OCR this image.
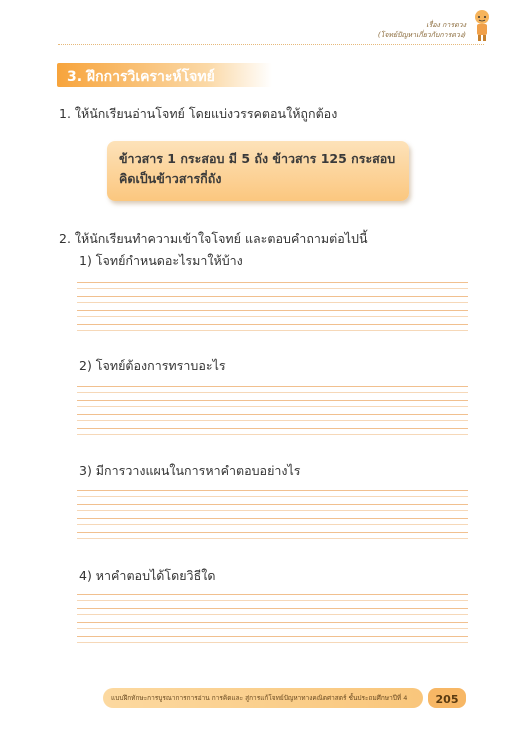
เรื่อง การตวง
(โจทย์ปัญหาเกี่ยวกับการตวง)
3. ฝึกการวิเคราะห์โจทย์
1. ให้นักเรียนอ่านโจทย์ โดยแบ่งวรรคตอนให้ถูกต้อง
ข้าวสาร 1 กระสอบ มี 5 ถัง ข้าวสาร 125 กระสอบ
คิดเป็นข้าวสารกี่ถัง
2. ให้นักเรียนทำความเข้าใจโจทย์ และตอบคำถามต่อไปนี้
1) โจทย์กำหนดอะไรมาให้บ้าง
2) โจทย์ต้องการทราบอะไร
3) มีการวางแผนในการหาคำตอบอย่างไร
4) หาคำตอบได้โดยวิธีใด
แบบฝึกทักษะการบูรณาการการอ่าน การคิดและ สู่การแก้โจทย์ปัญหาทางคณิตศาสตร์ ชั้นประถมศึกษาปีที่ 4	205
